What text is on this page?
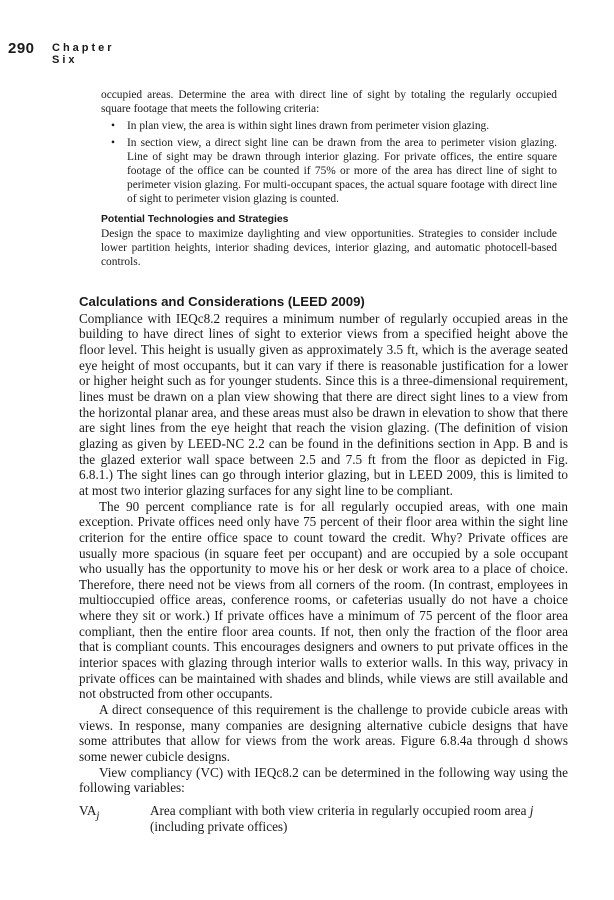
290 Chapter Six

occupied areas. Determine the area with direct line of sight by totaling the regularly occupied square footage that meets the following criteria:

• In plan view, the area is within sight lines drawn from perimeter vision glazing.
• In section view, a direct sight line can be drawn from the area to perimeter vision glazing. Line of sight may be drawn through interior glazing. For private offices, the entire square footage of the office can be counted if 75% or more of the area has direct line of sight to perimeter vision glazing. For multi-occupant spaces, the actual square footage with direct line of sight to perimeter vision glazing is counted.
Potential Technologies and Strategies

Design the space to maximize daylighting and view opportunities. Strategies to consider include lower partition heights, interior shading devices, interior glazing, and automatic photocell-based controls.

Calculations and Considerations (LEED 2009)

Compliance with IEQc8.2 requires a minimum number of regularly occupied areas in the building to have direct lines of sight to exterior views from a specified height above the floor level. This height is usually given as approximately 3.5 ft, which is the average seated eye height of most occupants, but it can vary if there is reasonable justification for a lower or higher height such as for younger students. Since this is a three-dimensional requirement, lines must be drawn on a plan view showing that there are direct sight lines to a view from the horizontal planar area, and these areas must also be drawn in elevation to show that there are sight lines from the eye height that reach the vision glazing. (The definition of vision glazing as given by LEED-NC 2.2 can be found in the definitions section in App. B and is the glazed exterior wall space between 2.5 and 7.5 ft from the floor as depicted in Fig. 6.8.1.) The sight lines can go through interior glazing, but in LEED 2009, this is limited to at most two interior glazing surfaces for any sight line to be compliant.

The 90 percent compliance rate is for all regularly occupied areas, with one main exception. Private offices need only have 75 percent of their floor area within the sight line criterion for the entire office space to count toward the credit. Why? Private offices are usually more spacious (in square feet per occupant) and are occupied by a sole occupant who usually has the opportunity to move his or her desk or work area to a place of choice. Therefore, there need not be views from all corners of the room. (In contrast, employees in multioccupied office areas, conference rooms, or cafeterias usually do not have a choice where they sit or work.) If private offices have a minimum of 75 percent of the floor area compliant, then the entire floor area counts. If not, then only the fraction of the floor area that is compliant counts. This encourages designers and owners to put private offices in the interior spaces with glazing through interior walls to exterior walls. In this way, privacy in private offices can be maintained with shades and blinds, while views are still available and not obstructed from other occupants.

A direct consequence of this requirement is the challenge to provide cubicle areas with views. In response, many companies are designing alternative cubicle designs that have some attributes that allow for views from the work areas. Figure 6.8.4a through d shows some newer cubicle designs.

View compliancy (VC) with IEQc8.2 can be determined in the following way using the following variables:

$VA_j$	Area compliant with both view criteria in regularly occupied room area j
(including private offices)
